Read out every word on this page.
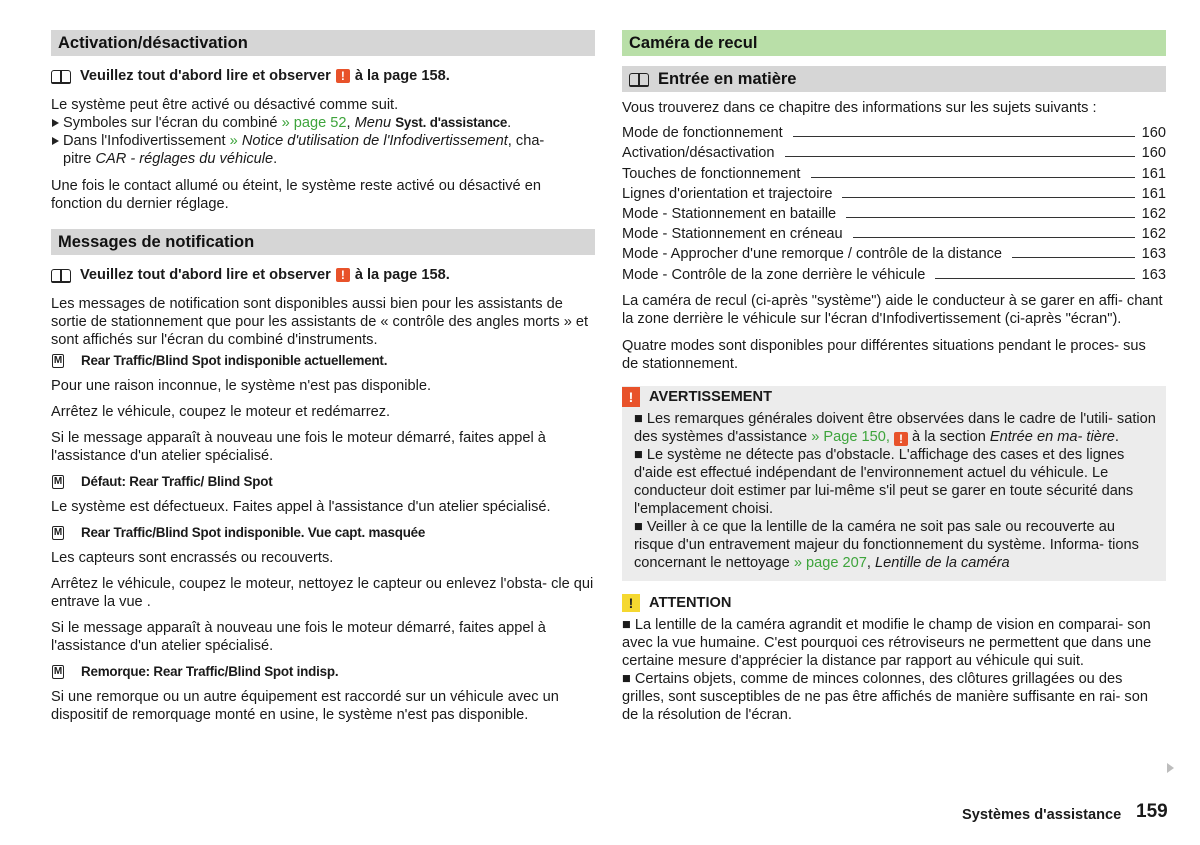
Activation/désactivation
Veuillez tout d'abord lire et observer ! à la page 158.

Le système peut être activé ou désactivé comme suit.

Symboles sur l'écran du combiné » page 52, Menu Syst. d'assistance.
Dans l'Infodivertissement » Notice d'utilisation de l'Infodivertissement, cha-
pitre CAR - réglages du véhicule.

Une fois le contact allumé ou éteint, le système reste activé ou désactivé en fonction du dernier réglage.

Messages de notification
Veuillez tout d'abord lire et observer ! à la page 158.

Les messages de notification sont disponibles aussi bien pour les assistants de sortie de stationnement que pour les assistants de « contrôle des angles morts » et sont affichés sur l'écran du combiné d'instruments.

M
Rear Traffic/Blind Spot indisponible actuellement.

Pour une raison inconnue, le système n'est pas disponible.

Arrêtez le véhicule, coupez le moteur et redémarrez.

Si le message apparaît à nouveau une fois le moteur démarré, faites appel à l'assistance d'un atelier spécialisé.

M
Défaut: Rear Traffic/ Blind Spot

Le système est défectueux. Faites appel à l'assistance d'un atelier spécialisé.

M
Rear Traffic/Blind Spot indisponible. Vue capt. masquée

Les capteurs sont encrassés ou recouverts.

Arrêtez le véhicule, coupez le moteur, nettoyez le capteur ou enlevez l'obsta- cle qui entrave la vue .

Si le message apparaît à nouveau une fois le moteur démarré, faites appel à l'assistance d'un atelier spécialisé.

M
Remorque: Rear Traffic/Blind Spot indisp.

Si une remorque ou un autre équipement est raccordé sur un véhicule avec un dispositif de remorquage monté en usine, le système n'est pas disponible.

Caméra de recul
Entrée en matière

Vous trouverez dans ce chapitre des informations sur les sujets suivants :

Mode de fonctionnement	160
Activation/désactivation	160
Touches de fonctionnement	161
Lignes d'orientation et trajectoire	161
Mode - Stationnement en bataille	162
Mode - Stationnement en créneau	162
Mode - Approcher d'une remorque / contrôle de la distance	163
Mode - Contrôle de la zone derrière le véhicule	163

La caméra de recul (ci-après "système") aide le conducteur à se garer en affi- chant la zone derrière le véhicule sur l'écran d'Infodivertissement (ci-après "écran").

Quatre modes sont disponibles pour différentes situations pendant le proces- sus de stationnement.

!	AVERTISSEMENT

■ Les remarques générales doivent être observées dans le cadre de l'utili- sation des systèmes d'assistance » Page 150, ! à la section Entrée en ma- tière.

■ Le système ne détecte pas d'obstacle. L'affichage des cases et des lignes d'aide est effectué indépendant de l'environnement actuel du véhicule. Le conducteur doit estimer par lui-même s'il peut se garer en toute sécurité dans l'emplacement choisi.

■ Veiller à ce que la lentille de la caméra ne soit pas sale ou recouverte au risque d'un entravement majeur du fonctionnement du système. Informa- tions concernant le nettoyage » page 207, Lentille de la caméra

!	ATTENTION

■ La lentille de la caméra agrandit et modifie le champ de vision en comparai- son avec la vue humaine. C'est pourquoi ces rétroviseurs ne permettent que dans une certaine mesure d'apprécier la distance par rapport au véhicule qui suit.

■ Certains objets, comme de minces colonnes, des clôtures grillagées ou des grilles, sont susceptibles de ne pas être affichés de manière suffisante en rai- son de la résolution de l'écran.

Systèmes d'assistance 159
